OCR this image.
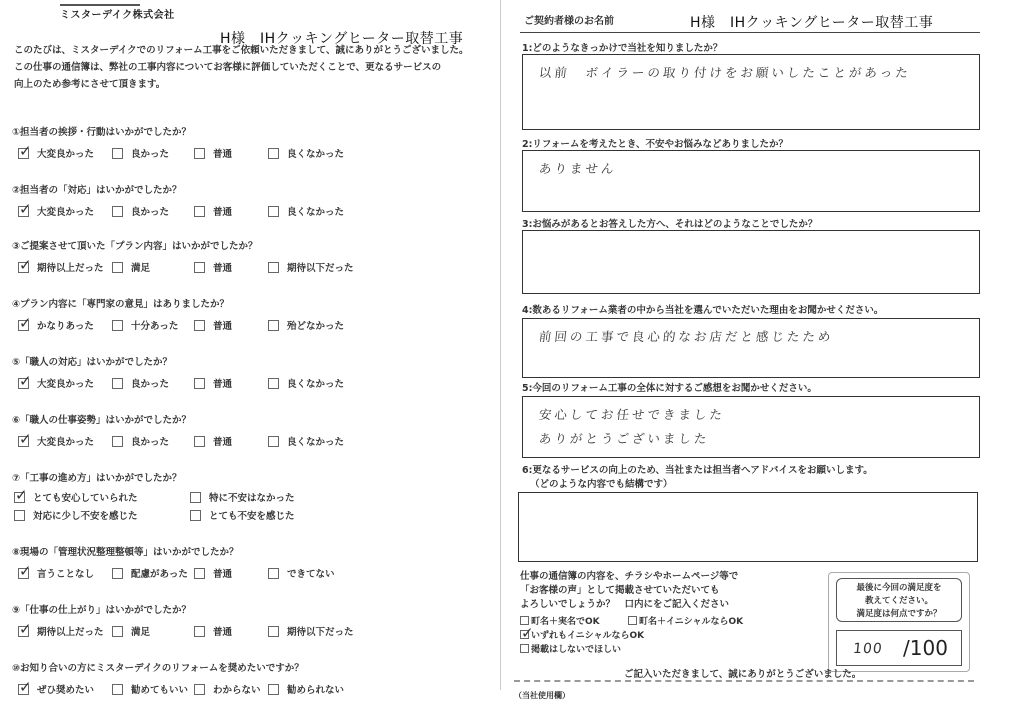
ミスターデイク株式会社
H様　IHクッキングヒーター取替工事
このたびは、ミスターデイクでのリフォーム工事をご依頼いただきまして、誠にありがとうございました。
この仕事の通信簿は、弊社の工事内容についてお客様に評価していただくことで、更なるサービスの
向上のため参考にさせて頂きます。
①担当者の挨拶・行動はいかがでしたか？
✓
大変良かった	良かった	普通	良くなかった
②担当者の「対応」はいかがでしたか？
✓
大変良かった	良かった	普通	良くなかった
③ご提案させて頂いた「プラン内容」はいかがでしたか？
✓
期待以上だった	満足	普通	期待以下だった
④プラン内容に「専門家の意見」はありましたか？
✓
かなりあった	十分あった	普通	殆どなかった
⑤「職人の対応」はいかがでしたか？
✓
大変良かった	良かった	普通	良くなかった
⑥「職人の仕事姿勢」はいかがでしたか？
✓
大変良かった	良かった	普通	良くなかった
⑦「工事の進め方」はいかがでしたか？
✓
とても安心していられた	特に不安はなかった
対応に少し不安を感じた	とても不安を感じた
⑧現場の「管理状況整理整頓等」はいかがでしたか？
✓
言うことなし	配慮があった	普通	できてない
⑨「仕事の仕上がり」はいかがでしたか？
✓
期待以上だった	満足	普通	期待以下だった
⑩お知り合いの方にミスターデイクのリフォームを奨めたいですか？
✓
ぜひ奨めたい	勧めてもいい	わからない	勧められない
ご契約者様のお名前	H様　IHクッキングヒーター取替工事
1:どのようなきっかけで当社を知りましたか？
以前　ボイラーの取り付けをお願いしたことがあった
2:リフォームを考えたとき、不安やお悩みなどありましたか？
ありません
3:お悩みがあるとお答えした方へ、それはどのようなことでしたか？
4:数あるリフォーム業者の中から当社を選んでいただいた理由をお聞かせください。
前回の工事で良心的なお店だと感じたため
5:今回のリフォーム工事の全体に対するご感想をお聞かせください。
安心してお任せできました
ありがとうございました
6:更なるサービスの向上のため、当社または担当者へアドバイスをお願いします。
（どのような内容でも結構です）
仕事の通信簿の内容を、チラシやホームページ等で
「お客様の声」として掲載させていただいても
よろしいでしょうか？　口内にをご記入ください
町名＋実名でOK	町名＋イニシャルならOK
✓
いずれもイニシャルならOK
掲載はしないでほしい
最後に今回の満足度を
教えてください。
満足度は何点ですか？
100 /100
ご記入いただきまして、誠にありがとうございました。
（当社使用欄）
